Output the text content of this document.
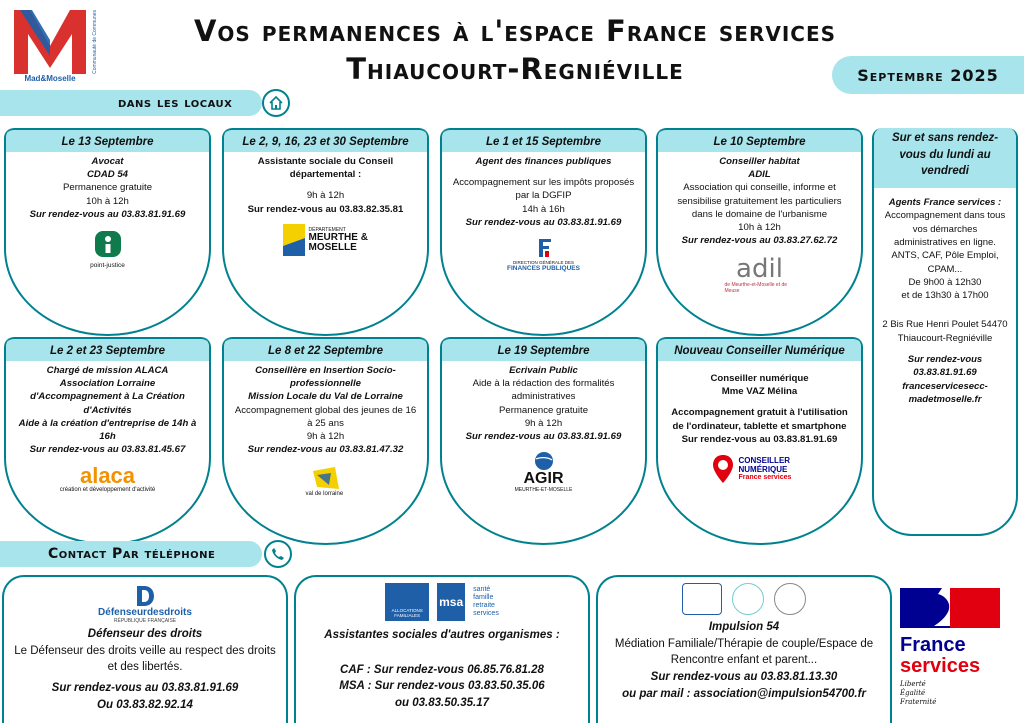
Mad&Moselle
Communauté de Communes	Vos permanences à l'espace France services
Thiaucourt-Regniéville	Septembre 2025
dans les locaux
Le 13 Septembre
Avocat
CDAD 54
Permanence gratuite
10h à 12h
Sur rendez-vous au 03.83.81.91.69
point-justice
Le 2, 9, 16, 23 et 30 Septembre
Assistante sociale du Conseil départemental :
9h à 12h
Sur rendez-vous au 03.83.82.35.81
DÉPARTEMENT
MEURTHE & MOSELLE
Le 1 et 15 Septembre
Agent des finances publiques
Accompagnement sur les impôts proposés par la DGFIP
14h à 16h
Sur rendez-vous au 03.83.81.91.69
DIRECTION GÉNÉRALE DES
FINANCES PUBLIQUES
Le 10 Septembre
Conseiller habitat
ADIL
Association qui conseille, informe et sensibilise gratuitement les particuliers dans le domaine de l'urbanisme
10h à 12h
Sur rendez-vous au 03.83.27.62.72
adil
de Meurthe-et-Moselle et de Meuse
Le 2 et 23 Septembre
Chargé de mission ALACA
Association Lorraine d'Accompagnement à La Création d'Activités
Aide à la création d'entreprise de 14h à 16h
Sur rendez-vous au 03.83.81.45.67
alaca
création et développement d'activité
Le 8 et 22 Septembre
Conseillère en Insertion Socio-professionnelle
Mission Locale du Val de Lorraine
Accompagnement global des jeunes de 16 à 25 ans
9h à 12h
Sur rendez-vous au 03.83.81.47.32
val de lorraine
Le 19 Septembre
Ecrivain Public
Aide à la rédaction des formalités administratives
Permanence gratuite
9h à 12h
Sur rendez-vous au 03.83.81.91.69
AGIR
MEURTHE-ET-MOSELLE
Nouveau Conseiller Numérique
Conseiller numérique
Mme VAZ Mélina
Accompagnement gratuit à l'utilisation de l'ordinateur, tablette et smartphone
Sur rendez-vous au 03.83.81.91.69
CONSEILLER NUMÉRIQUE
France services
Sur et sans rendez-vous du lundi au vendredi
Agents France services :
Accompagnement dans tous vos démarches administratives en ligne.
ANTS, CAF, Pôle Emploi, CPAM...
De 9h00 à 12h30
et de 13h30 à 17h00
2 Bis Rue Henri Poulet 54470 Thiaucourt-Regniéville
Sur rendez-vous
03.83.81.91.69
franceservicesecc-madetmoselle.fr
Contact Par téléphone
Défenseurdesdroits
RÉPUBLIQUE FRANÇAISE
Défenseur des droits
Le Défenseur des droits veille au respect des droits et des libertés.
Sur rendez-vous au 03.83.81.91.69
Ou 03.83.82.92.14
ALLOCATIONS FAMILIALES
msa
santé
famille
retraite
services
Assistantes sociales d'autres organismes :
CAF : Sur rendez-vous 06.85.76.81.28
MSA : Sur rendez-vous 03.83.50.35.06 ou 03.83.50.35.17
Impulsion 54
Médiation Familiale/Thérapie de couple/Espace de Rencontre enfant et parent...
Sur rendez-vous au 03.83.81.13.30
ou par mail : association@impulsion54700.fr
France
services
Liberté
Égalité
Fraternité
